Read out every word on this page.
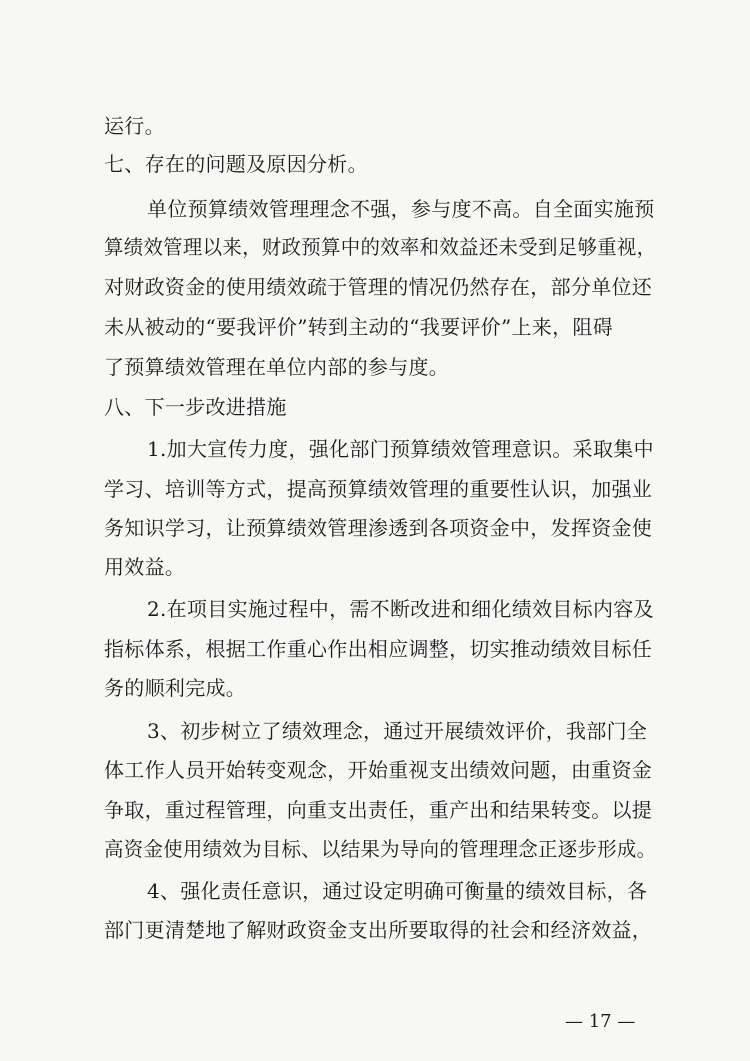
运行。
七、存在的问题及原因分析。
单位预算绩效管理理念不强，参与度不高。自全面实施预
算绩效管理以来，财政预算中的效率和效益还未受到足够重视，
对财政资金的使用绩效疏于管理的情况仍然存在，部分单位还
未从被动的“要我评价”转到主动的“我要评价”上来，阻碍
了预算绩效管理在单位内部的参与度。
八、下一步改进措施
1.加大宣传力度，强化部门预算绩效管理意识。采取集中
学习、培训等方式，提高预算绩效管理的重要性认识，加强业
务知识学习，让预算绩效管理渗透到各项资金中，发挥资金使
用效益。
2.在项目实施过程中，需不断改进和细化绩效目标内容及
指标体系，根据工作重心作出相应调整，切实推动绩效目标任
务的顺利完成。
3、初步树立了绩效理念，通过开展绩效评价，我部门全
体工作人员开始转变观念，开始重视支出绩效问题，由重资金
争取，重过程管理，向重支出责任，重产出和结果转变。以提
高资金使用绩效为目标、以结果为导向的管理理念正逐步形成。
4、强化责任意识，通过设定明确可衡量的绩效目标，各
部门更清楚地了解财政资金支出所要取得的社会和经济效益，
— 17 —
